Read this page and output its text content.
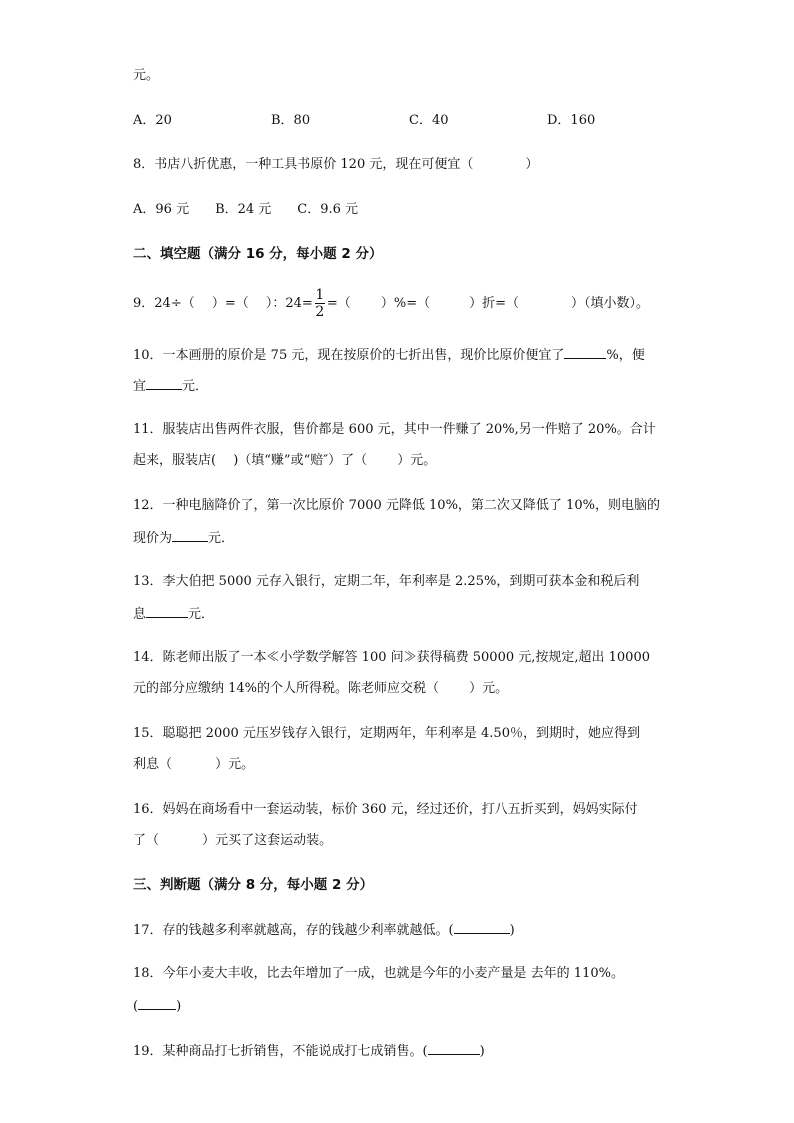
元。
A．20	B．80	C．40	D．160
8．书店八折优惠，一种工具书原价 120 元，现在可便宜（　　　　）
A．96 元　　B．24 元　　C．9.6 元
二、填空题（满分 16 分，每小题 2 分）
9．24÷（　 ）=（　 ）：$24= \frac{1}{2}$ =（　　 ）%=（　　　）折=（　　　　）（填小数）。
10．一本画册的原价是 75 元，现在按原价的七折出售，现价比原价便宜了	%，便
宜	元．
11．服装店出售两件衣服，售价都是 600 元，其中一件赚了 20%,另一件赔了 20%。合计
起来，服装店(　 )（填“赚”或“赔″）了（　　 ）元。
12．一种电脑降价了，第一次比原价 7000 元降低 10%，第二次又降低了 10%，则电脑的
现价为	元．
13．李大伯把 5000 元存入银行，定期二年，年利率是 2.25%，到期可获本金和税后利
息	元．
14．陈老师出版了一本≪小学数学解答 100 问≫获得稿费 50000 元,按规定,超出 10000
元的部分应缴纳 14%的个人所得税。陈老师应交税（　　 ）元。
15．聪聪把 2000 元压岁钱存入银行，定期两年，年利率是 4.50％，到期时，她应得到
利息（　　　 ）元。
16．妈妈在商场看中一套运动装，标价 360 元，经过还价，打八五折买到，妈妈实际付
了（　　　 ）元买了这套运动装。
三、判断题（满分 8 分，每小题 2 分）
17．存的钱越多利率就越高，存的钱越少利率就越低。(	)
18．今年小麦大丰收，比去年增加了一成，也就是今年的小麦产量是 去年的 110%。
(	)
19．某种商品打七折销售，不能说成打七成销售。(	)
